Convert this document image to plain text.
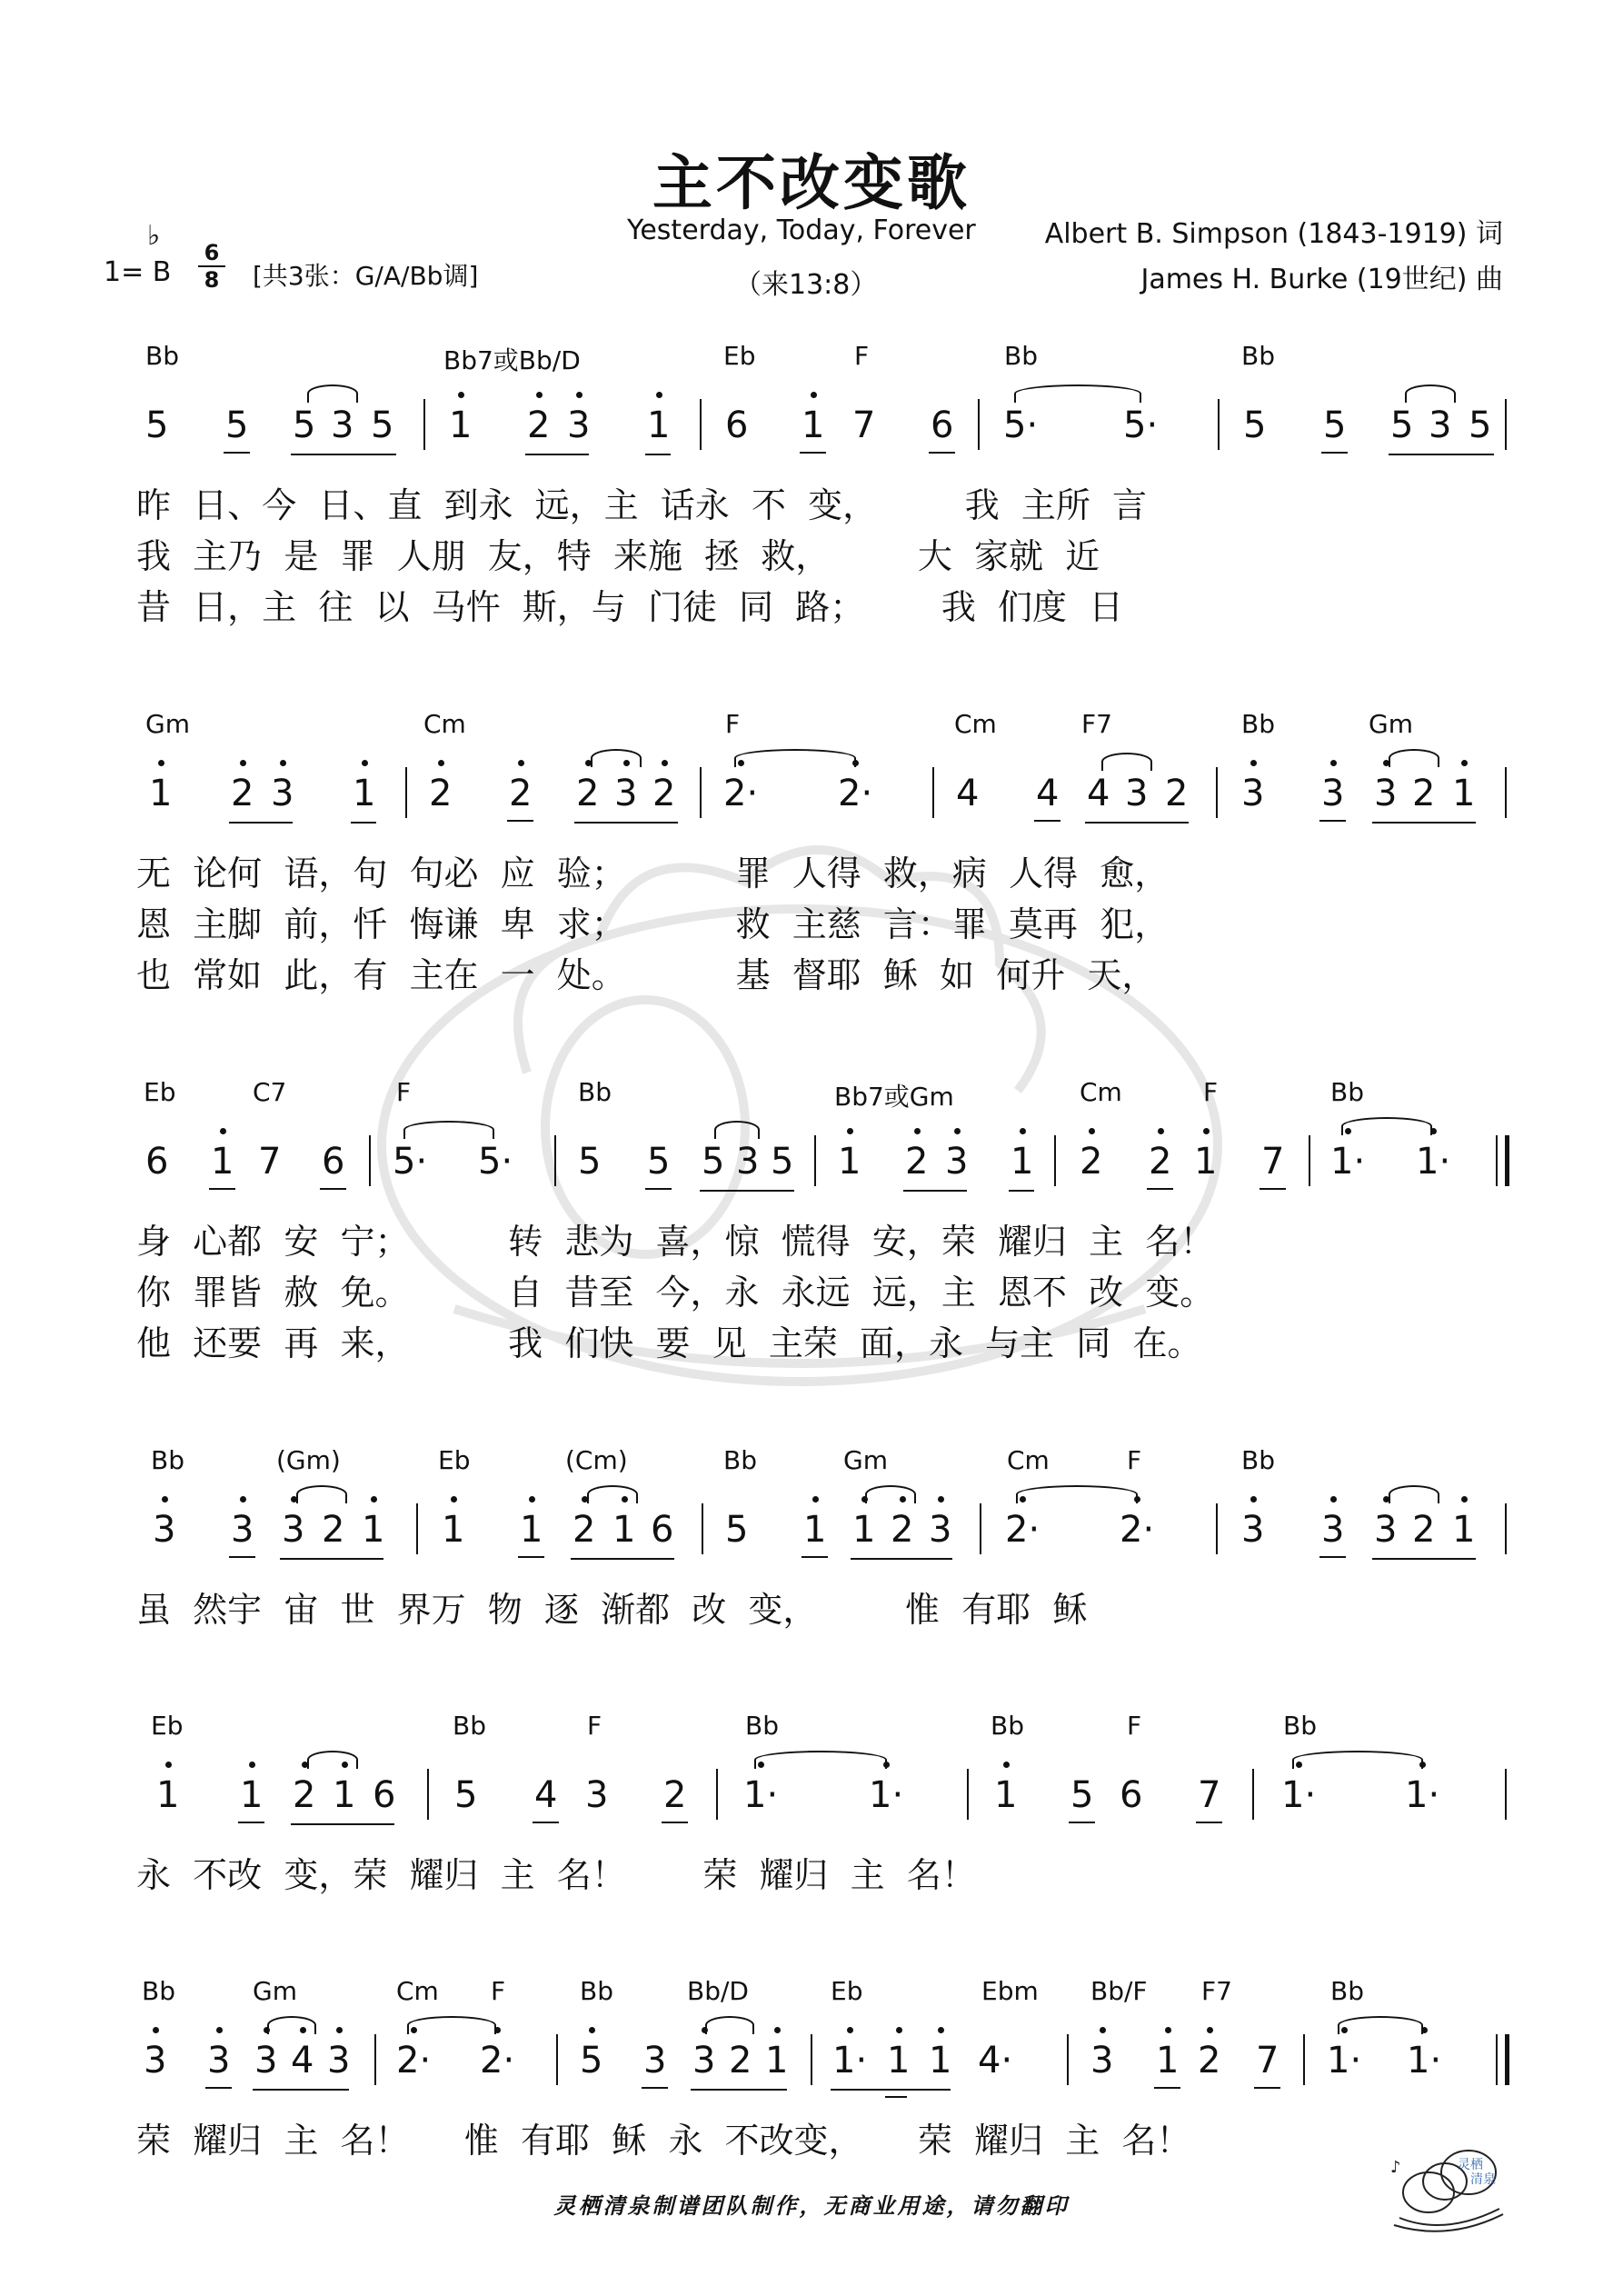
主不改变歌
Yesterday, Today, Forever
（来13:8）
Albert B. Simpson (1843-1919) 词
James H. Burke (19世纪) 曲
1= B
♭
6
8 [共3张：G/A/Bb调]
Bb	Bb7或Bb/D	Eb	F	Bb	Bb
5 5 5 3 5 1 2 3 1 6 1 7 6 5· 5· 5 5 5 3 5
昨  日、今  日、直  到永  远，主  话永  不  变，        我  主所  言
我  主乃  是  罪  人朋  友，特  来施  拯  救，        大  家就  近
昔  日，主  往  以  马忤  斯，与  门徒  同  路；       我  们度  日
Gm	Cm	F	Cm	F7	Bb	Gm
1 2 3 1 2 2 2 3 2 2· 2· 4 4 4 3 2 3 3 3 2 1
无  论何  语，句  句必  应  验；          罪  人得  救，病  人得  愈，
恩  主脚  前，忏  悔谦  卑  求；          救  主慈  言：罪  莫再  犯，
也  常如  此，有  主在  一  处。          基  督耶  稣  如  何升  天，
Eb	C7	F	Bb	Bb7或Gm	Cm	F	Bb
6 1 7 6 5· 5· 5 5 5 3 5 1 2 3 1 2 2 1 7 1· 1·
身  心都  安  宁；         转  悲为  喜，惊  慌得  安，荣  耀归  主  名！
你  罪皆  赦  免。         自  昔至  今，永  永远  远，主  恩不  改  变。
他  还要  再  来，         我  们快  要  见  主荣  面，永  与主  同  在。
Bb	(Gm)	Eb	(Cm)	Bb	Gm	Cm	F	Bb
3 3 3 2 1 1 1 2 1 6 5 1 1 2 3 2· 2· 3 3 3 2 1
虽  然宇  宙  世  界万  物  逐  渐都  改  变，        惟  有耶  稣
Eb	Bb	F	Bb	Bb	F	Bb
1 1 2 1 6 5 4 3 2 1· 1· 1 5 6 7 1· 1·
永  不改  变，荣  耀归  主  名！       荣  耀归  主  名！
Bb	Gm	Cm F	Bb	Bb/D	Eb	Ebm Bb/F F7	Bb
3 3 3 4 3 2· 2· 5 3 3 2 1 1· 1 1 4· 3 1 2 7 1· 1·
荣  耀归  主  名！     惟  有耶  稣  永  不改变，     荣  耀归  主  名！
♪	灵栖
清泉
灵栖清泉制谱团队制作，无商业用途，请勿翻印
